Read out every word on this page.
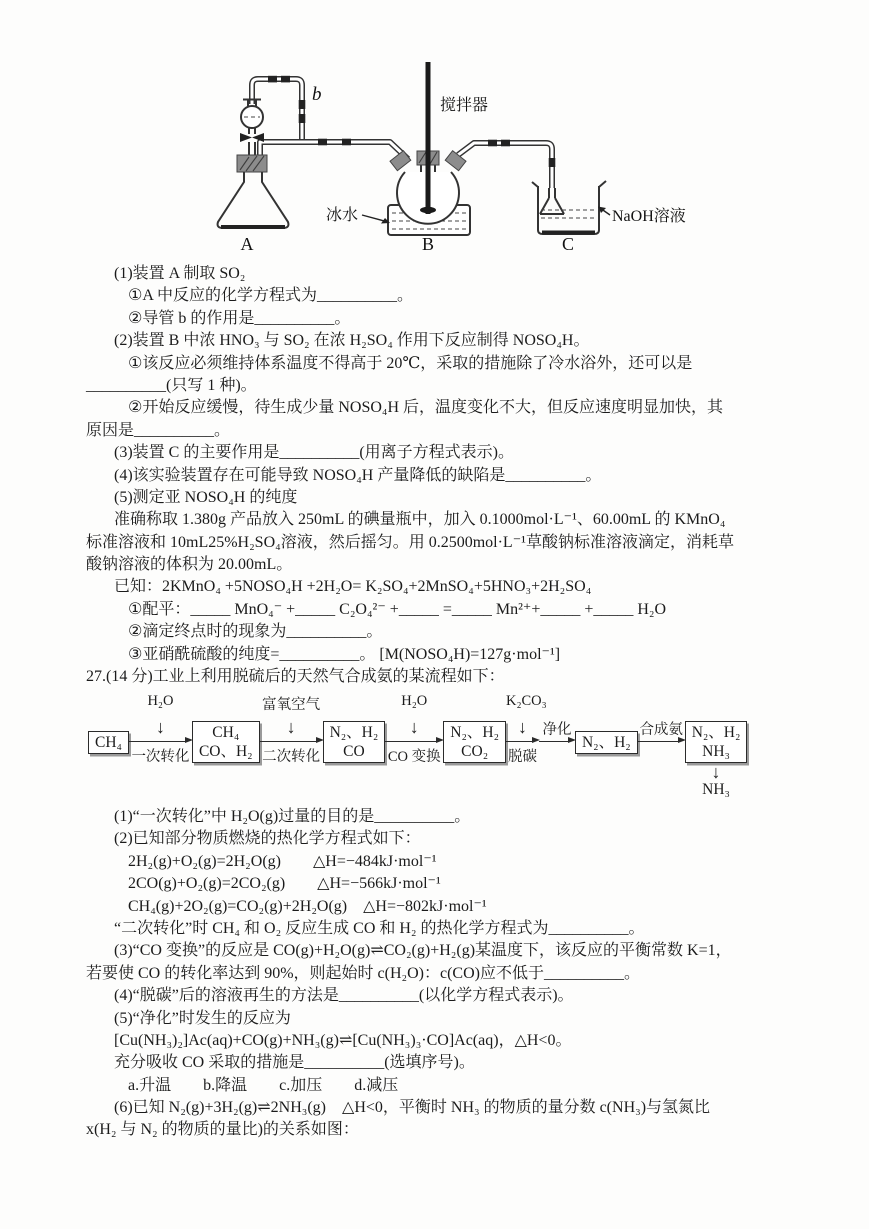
b
搅拌器
冰水	NaOH溶液
A	B	C
(1)装置 A 制取 SO₂
①A 中反应的化学方程式为__________。
②导管 b 的作用是__________。
(2)装置 B 中浓 HNO₃ 与 SO₂ 在浓 H₂SO₄ 作用下反应制得 NOSO₄H。
①该反应必须维持体系温度不得高于 20℃，采取的措施除了冷水浴外，还可以是
__________(只写 1 种)。
②开始反应缓慢，待生成少量 NOSO₄H 后，温度变化不大，但反应速度明显加快，其
原因是__________。
(3)装置 C 的主要作用是__________(用离子方程式表示)。
(4)该实验装置存在可能导致 NOSO₄H 产量降低的缺陷是__________。
(5)测定亚 NOSO₄H 的纯度
准确称取 1.380g 产品放入 250mL 的碘量瓶中，加入 0.1000mol·L⁻¹、60.00mL 的 KMnO₄
标准溶液和 10mL25%H₂SO₄溶液，然后摇匀。用 0.2500mol·L⁻¹草酸钠标准溶液滴定，消耗草
酸钠溶液的体积为 20.00mL。
已知：2KMnO₄ +5NOSO₄H +2H₂O= K₂SO₄+2MnSO₄+5HNO₃+2H₂SO₄
①配平：_____ MnO₄⁻ +_____ C₂O₄²⁻ +_____ =_____ Mn²⁺+_____ +_____ H₂O
②滴定终点时的现象为__________。
③亚硝酰硫酸的纯度=__________。 [M(NOSO₄H)=127g·mol⁻¹]
27.(14 分)工业上利用脱硫后的天然气合成氨的某流程如下：
CH₄
H₂O
↓
一次转化
CH₄
CO、H₂
富氧空气
↓
二次转化
N₂、H₂
CO
H₂O
↓
CO 变换
N₂、H₂
CO₂
K₂CO₃
↓
脱碳
净化
N₂、H₂
合成氨 N₂、H₂
NH₃
↓
NH₃
(1)“一次转化”中 H₂O(g)过量的目的是__________。
(2)已知部分物质燃烧的热化学方程式如下：
2H₂(g)+O₂(g)=2H₂O(g)　　△H=−484kJ·mol⁻¹
2CO(g)+O₂(g)=2CO₂(g)　　△H=−566kJ·mol⁻¹
CH₄(g)+2O₂(g)=CO₂(g)+2H₂O(g)　△H=−802kJ·mol⁻¹
“二次转化”时 CH₄ 和 O₂ 反应生成 CO 和 H₂ 的热化学方程式为__________。
(3)“CO 变换”的反应是 CO(g)+H₂O(g)⇌CO₂(g)+H₂(g)某温度下，该反应的平衡常数 K=1，
若要使 CO 的转化率达到 90%，则起始时 c(H₂O)：c(CO)应不低于__________。
(4)“脱碳”后的溶液再生的方法是__________(以化学方程式表示)。
(5)“净化”时发生的反应为
[Cu(NH₃)₂]Ac(aq)+CO(g)+NH₃(g)⇌[Cu(NH₃)₃·CO]Ac(aq)，△H<0。
充分吸收 CO 采取的措施是__________(选填序号)。
a.升温　　b.降温　　c.加压　　d.减压
(6)已知 N₂(g)+3H₂(g)⇌2NH₃(g)　△H<0，平衡时 NH₃ 的物质的量分数 c(NH₃)与氢氮比
x(H₂ 与 N₂ 的物质的量比)的关系如图：
